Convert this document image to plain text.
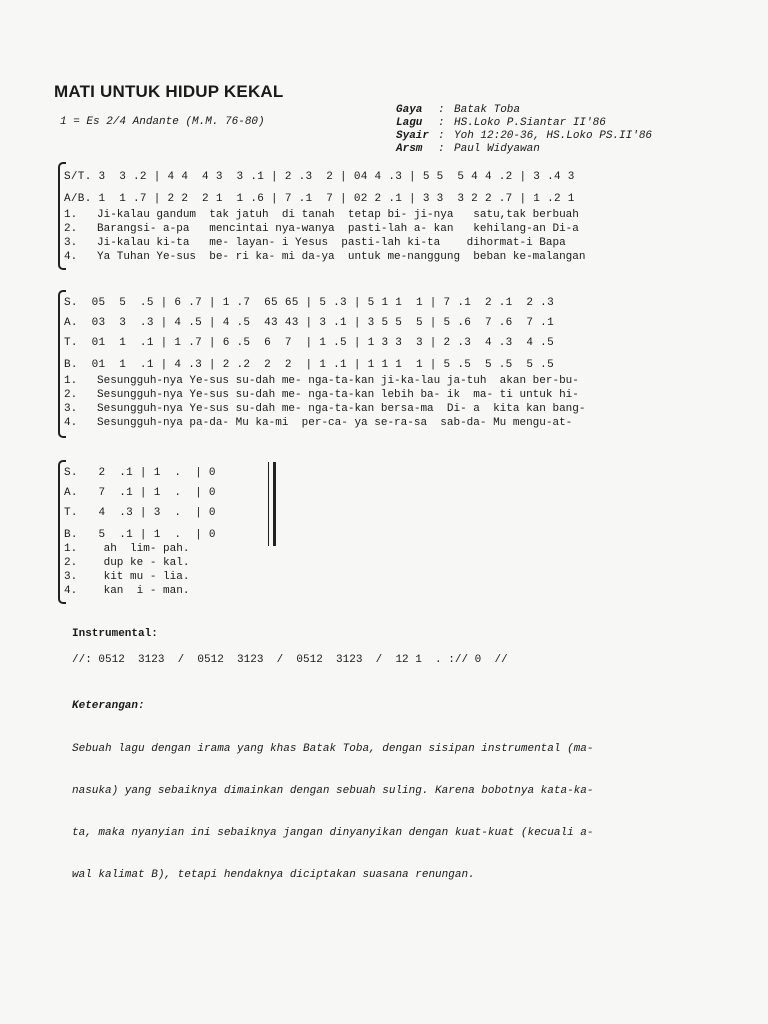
MATI UNTUK HIDUP KEKAL
1 = Es 2/4 Andante (M.M. 76-80)
Gaya	: Batak Toba
Lagu	: HS.Loko P.Siantar II'86
Syair : Yoh 12:20-36, HS.Loko PS.II'86
Arsm	: Paul Widyawan
S/T. 3  3 .2 | 4 4  4 3  3 .1 | 2 .3  2 | 04 4 .3 | 5 5  5 4 4 .2 | 3 .4 3
A/B. 1  1 .7 | 2 2  2 1  1 .6 | 7 .1  7 | 02 2 .1 | 3 3  3 2 2 .7 | 1 .2 1
1.   Ji-kalau gandum  tak jatuh  di tanah  tetap bi- ji-nya   satu,tak berbuah
2.   Barangsi- a-pa   mencintai nya-wanya  pasti-lah a- kan   kehilang-an Di-a
3.   Ji-kalau ki-ta   me- layan- i Yesus  pasti-lah ki-ta    dihormat-i Bapa
4.   Ya Tuhan Ye-sus  be- ri ka- mi da-ya  untuk me-nanggung  beban ke-malangan
S.  05  5  .5 | 6 .7 | 1 .7  65 65 | 5 .3 | 5 1 1  1 | 7 .1  2 .1  2 .3
A.  03  3  .3 | 4 .5 | 4 .5  43 43 | 3 .1 | 3 5 5  5 | 5 .6  7 .6  7 .1
T.  01  1  .1 | 1 .7 | 6 .5  6  7  | 1 .5 | 1 3 3  3 | 2 .3  4 .3  4 .5
B.  01  1  .1 | 4 .3 | 2 .2  2  2  | 1 .1 | 1 1 1  1 | 5 .5  5 .5  5 .5
1.   Sesungguh-nya Ye-sus su-dah me- nga-ta-kan ji-ka-lau ja-tuh  akan ber-bu-
2.   Sesungguh-nya Ye-sus su-dah me- nga-ta-kan lebih ba- ik  ma- ti untuk hi-
3.   Sesungguh-nya Ye-sus su-dah me- nga-ta-kan bersa-ma  Di- a  kita kan bang-
4.   Sesungguh-nya pa-da- Mu ka-mi  per-ca- ya se-ra-sa  sab-da- Mu mengu-at-
S.   2  .1 | 1  .  | 0
A.   7  .1 | 1  .  | 0
T.   4  .3 | 3  .  | 0
B.   5  .1 | 1  .  | 0
1.    ah  lim- pah.
2.    dup ke - kal.
3.    kit mu - lia.
4.    kan  i - man.
Instrumental:
//: 0512  3123  /  0512  3123  /  0512  3123  /  12 1  . :// 0  //
Keterangan:

Sebuah lagu dengan irama yang khas Batak Toba, dengan sisipan instrumental (ma-

nasuka) yang sebaiknya dimainkan dengan sebuah suling. Karena bobotnya kata-ka-

ta, maka nyanyian ini sebaiknya jangan dinyanyikan dengan kuat-kuat (kecuali a-

wal kalimat B), tetapi hendaknya diciptakan suasana renungan.
